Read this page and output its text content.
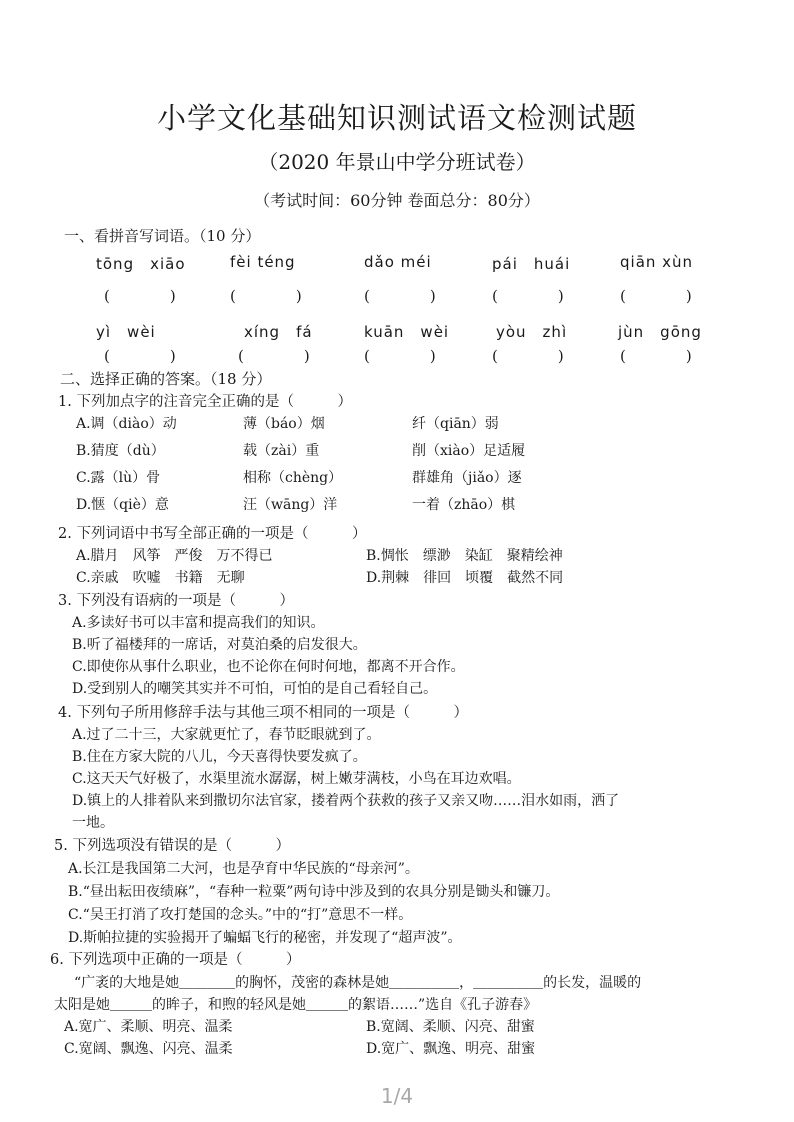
小学文化基础知识测试语文检测试题
（2020 年景山中学分班试卷）
（考试时间：60分钟 卷面总分：80分）
一、看拼音写词语。（10 分）
tōng　xiāo	fèi téng	dǎo méi	pái　huái	qiān xùn
(　　　　)	(　　　　)	(　　　　)	(　　　　)	(　　　　)
yì　wèi	xíng　fá	kuān　wèi	yòu　zhì	jùn　gōng
(　　　　)	(　　　　)	(　　　　)	(　　　　)	(　　　　)
二、选择正确的答案。（18 分）
1. 下列加点字的注音完全正确的是（　　　）
A.调（diào）动	薄（báo）烟	纤（qiān）弱
B.猜度（dù）	载（zài）重	削（xiào）足适履
C.露（lù）骨	相称（chèng）	群雄角（jiǎo）逐
D.惬（qiè）意	汪（wāng）洋	一着（zhāo）棋
2. 下列词语中书写全部正确的一项是（　　　）
A.腊月　风筝　严俊　万不得已	B.惆怅　缥渺　染缸　聚精绘神
C.亲戚　吹嘘　书籍　无聊	D.荆棘　徘回　顷覆　截然不同
3. 下列没有语病的一项是（　　　）
A.多读好书可以丰富和提高我们的知识。
B.听了福楼拜的一席话，对莫泊桑的启发很大。
C.即使你从事什么职业，也不论你在何时何地，都离不开合作。
D.受到别人的嘲笑其实并不可怕，可怕的是自己看轻自己。
4. 下列句子所用修辞手法与其他三项不相同的一项是（　　　）
A.过了二十三，大家就更忙了，春节眨眼就到了。
B.住在方家大院的八儿，今天喜得快要发疯了。
C.这天天气好极了，水渠里流水潺潺，树上嫩芽满枝，小鸟在耳边欢唱。
D.镇上的人排着队来到撒切尔法官家，搂着两个获救的孩子又亲又吻……泪水如雨，洒了
一地。
5. 下列选项没有错误的是（　　　）
A.长江是我国第二大河，也是孕育中华民族的“母亲河”。
B.“昼出耘田夜绩麻”，“春种一粒粟”两句诗中涉及到的农具分别是锄头和镰刀。
C.“吴王打消了攻打楚国的念头。”中的“打”意思不一样。
D.斯帕拉捷的实验揭开了蝙蝠飞行的秘密，并发现了“超声波”。
6. 下列选项中正确的一项是（　　　）
“广袤的大地是她＿＿＿＿的胸怀，茂密的森林是她＿＿＿＿＿，＿＿＿＿＿的长发，温暖的
太阳是她＿＿＿的眸子，和煦的轻风是她＿＿＿的絮语……”选自《孔子游春》
A.宽广、柔顺、明亮、温柔	B.宽阔、柔顺、闪亮、甜蜜
C.宽阔、飘逸、闪亮、温柔	D.宽广、飘逸、明亮、甜蜜
1/4
